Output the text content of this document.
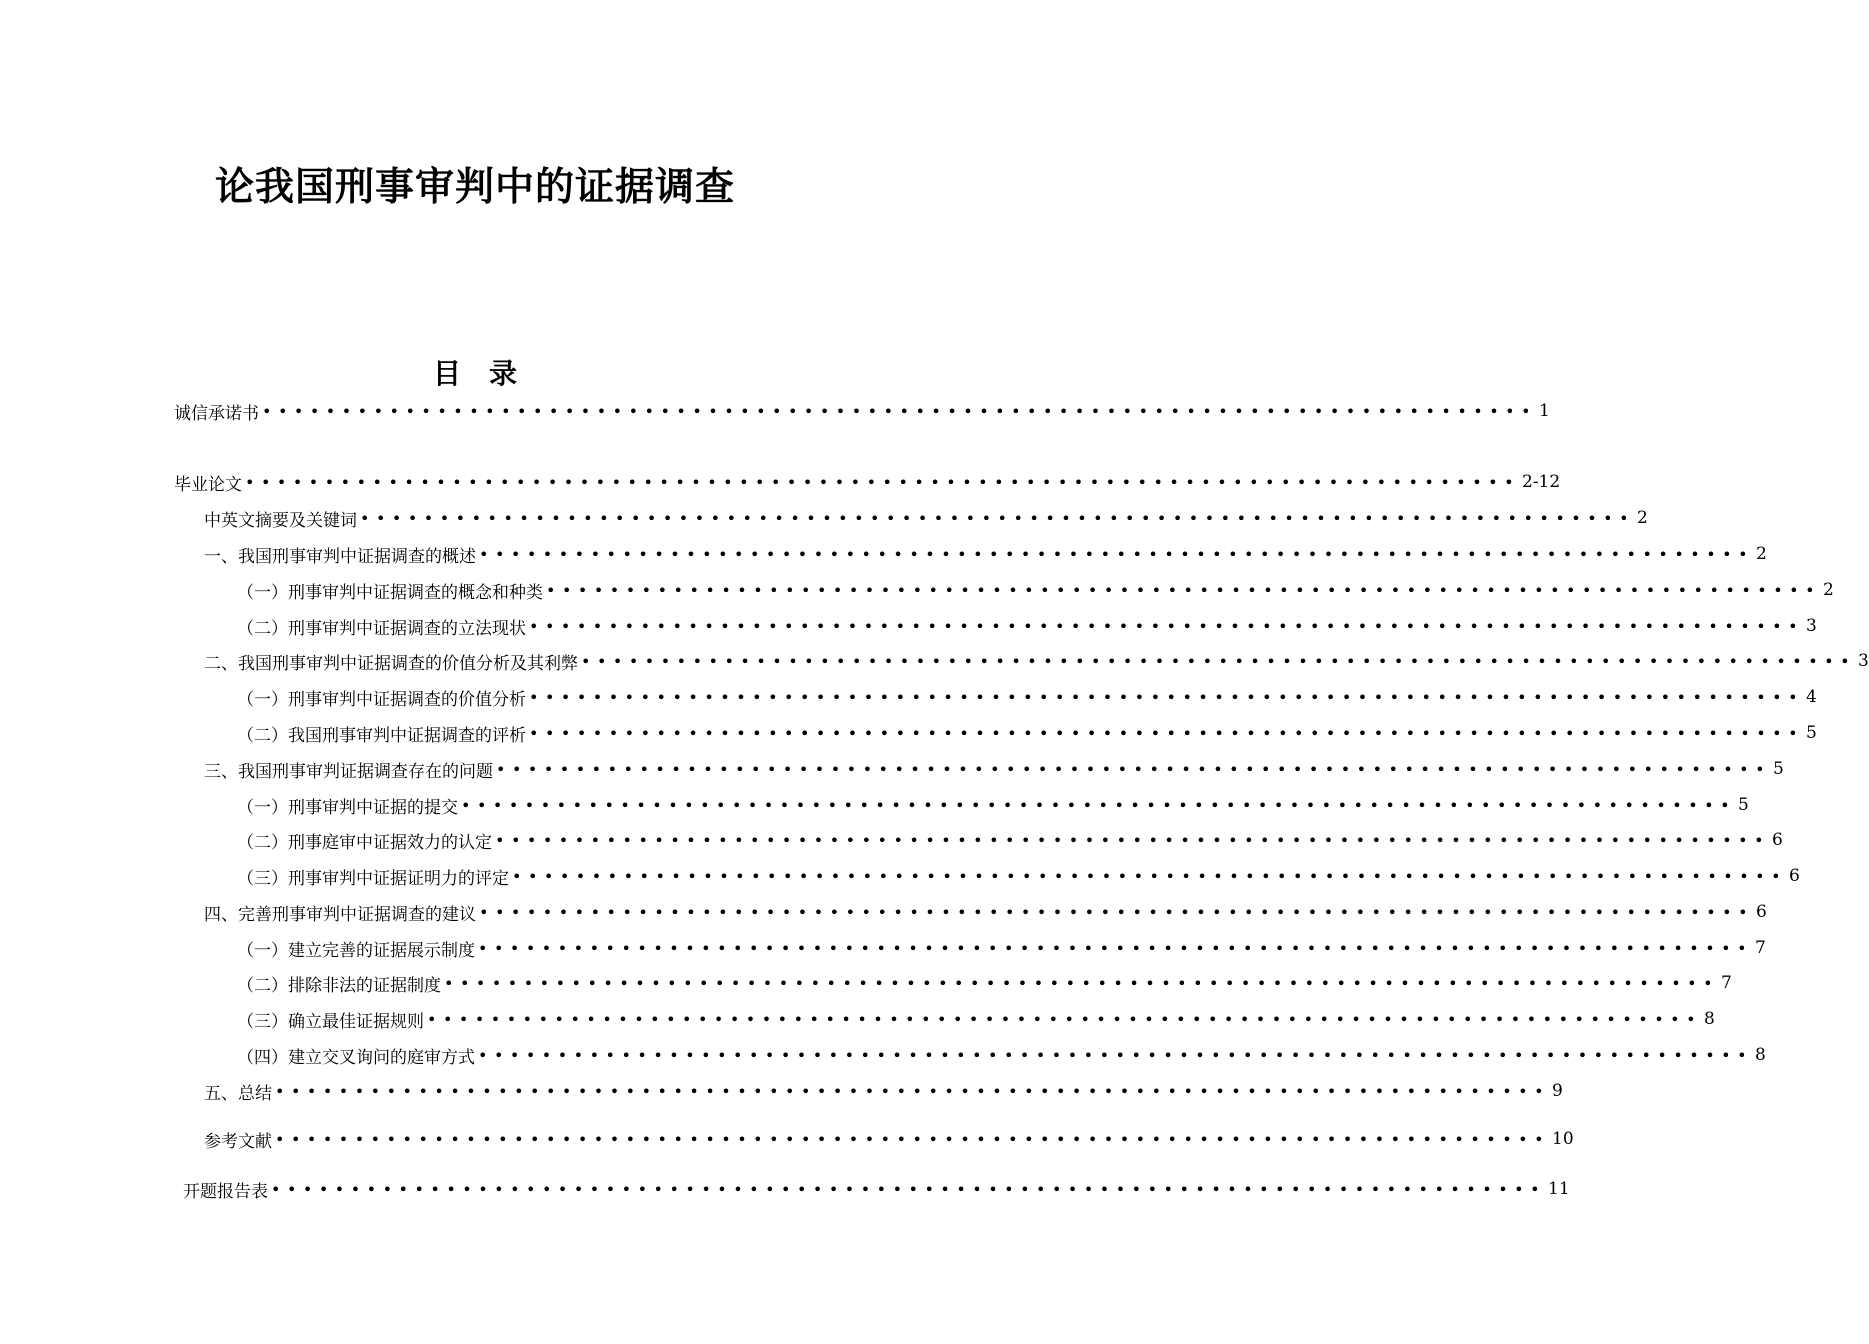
论我国刑事审判中的证据调查
目 录
诚信承诺书 •••••••••••••••••••••••••••••••••••••••••••••••••••••••••••••••••••••••••••••••• 1
毕业论文 •••••••••••••••••••••••••••••••••••••••••••••••••••••••••••••••••••••••••••••••• 2-12
中英文摘要及关键词 •••••••••••••••••••••••••••••••••••••••••••••••••••••••••••••••••••••••••••••••• 2
一、我国刑事审判中证据调查的概述 •••••••••••••••••••••••••••••••••••••••••••••••••••••••••••••••••••••••••••••••• 2
（一）刑事审判中证据调查的概念和种类 •••••••••••••••••••••••••••••••••••••••••••••••••••••••••••••••••••••••••••••••• 2
（二）刑事审判中证据调查的立法现状 •••••••••••••••••••••••••••••••••••••••••••••••••••••••••••••••••••••••••••••••• 3
二、我国刑事审判中证据调查的价值分析及其利弊 •••••••••••••••••••••••••••••••••••••••••••••••••••••••••••••••••••••••••••••••• 3
（一）刑事审判中证据调查的价值分析 •••••••••••••••••••••••••••••••••••••••••••••••••••••••••••••••••••••••••••••••• 4
（二）我国刑事审判中证据调查的评析 •••••••••••••••••••••••••••••••••••••••••••••••••••••••••••••••••••••••••••••••• 5
三、我国刑事审判证据调查存在的问题 •••••••••••••••••••••••••••••••••••••••••••••••••••••••••••••••••••••••••••••••• 5
（一）刑事审判中证据的提交 •••••••••••••••••••••••••••••••••••••••••••••••••••••••••••••••••••••••••••••••• 5
（二）刑事庭审中证据效力的认定 •••••••••••••••••••••••••••••••••••••••••••••••••••••••••••••••••••••••••••••••• 6
（三）刑事审判中证据证明力的评定 •••••••••••••••••••••••••••••••••••••••••••••••••••••••••••••••••••••••••••••••• 6
四、完善刑事审判中证据调查的建议 •••••••••••••••••••••••••••••••••••••••••••••••••••••••••••••••••••••••••••••••• 6
（一）建立完善的证据展示制度 •••••••••••••••••••••••••••••••••••••••••••••••••••••••••••••••••••••••••••••••• 7
（二）排除非法的证据制度 •••••••••••••••••••••••••••••••••••••••••••••••••••••••••••••••••••••••••••••••• 7
（三）确立最佳证据规则 •••••••••••••••••••••••••••••••••••••••••••••••••••••••••••••••••••••••••••••••• 8
（四）建立交叉询问的庭审方式 •••••••••••••••••••••••••••••••••••••••••••••••••••••••••••••••••••••••••••••••• 8
五、总结 •••••••••••••••••••••••••••••••••••••••••••••••••••••••••••••••••••••••••••••••• 9
参考文献 •••••••••••••••••••••••••••••••••••••••••••••••••••••••••••••••••••••••••••••••• 10
开题报告表 •••••••••••••••••••••••••••••••••••••••••••••••••••••••••••••••••••••••••••••••• 11
